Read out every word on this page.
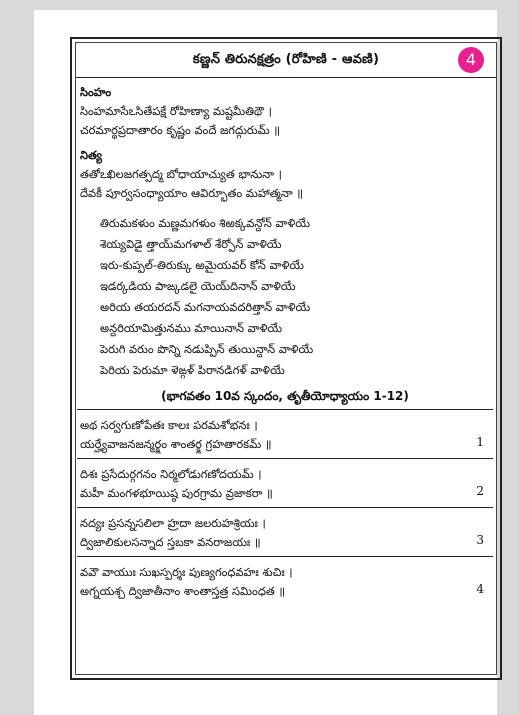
కణ్ణన్ తిరునక్షత్రం (రోహిణి - ఆవణి)	4
సింహం
సింహమాసేఽసితేపక్షే రోహిణ్యా మష్టమీతిథౌ ।
చరమార్థప్రదాతారం కృష్ణం వందే జగద్గురుమ్ ॥
నిత్య
తతోఽఖిలజగత్పద్మ బోధాయాచ్యుత భానునా ।
దేవకీ పూర్వసంధ్యాయాం ఆవిర్భూతం మహాత్మనా ॥
తిరుమకళుం మణ్ణమగళుం శిఱక్కవన్దోన్ వాళియే
శెయ్యవిడై త్తాయ్‌మగళాల్ శేర్పోన్ వాళియే
ఇరు-కుప్పల్-తిరుక్కు ఱమైయవర్ కోన్ వాళియే
ఇడర్కడియ పాఙ్కడలై యెయ్‌దినాన్ వాళియే
అరియ తయరదన్ మగనాయవదరిత్తాన్ వాళియే
అన్దరియామిత్తునము మాయినాన్ వాళియే
పెరుగి వరుం పొన్ని నడుప్పిన్ తుయిన్దాన్ వాళియే
పెరియ పెరుమా ళెఙ్గళ్ పిరానడిగళ్ వాళియే
(భాగవతం 10వ స్కందం, తృతీయోధ్యాయం 1-12)
అథ సర్వగుణోపేతః కాలః పరమశోభనః ।
యర్హ్యేవాజనజన్మర్క్షం శాంతర్క్ష గ్రహతారకమ్ ॥	1
దిశః ప్రసేదుర్గగనం నిర్మలోడుగణోదయమ్ ।
మహీ మంగళభూయిష్ఠ పురగ్రామ వ్రజాకరా ॥	2
నద్యః ప్రసన్నసలిలా హ్రదా జలరుహశ్రియః ।
ద్విజాలికులసన్నాద స్తబకా వనరాజయః ॥	3
వవౌ వాయుః సుఖస్పర్శః పుణ్యగంధవహః శుచిః ।
అగ్నయశ్చ ద్విజాతీనాం శాంతాస్తత్ర సమింధత ॥	4
